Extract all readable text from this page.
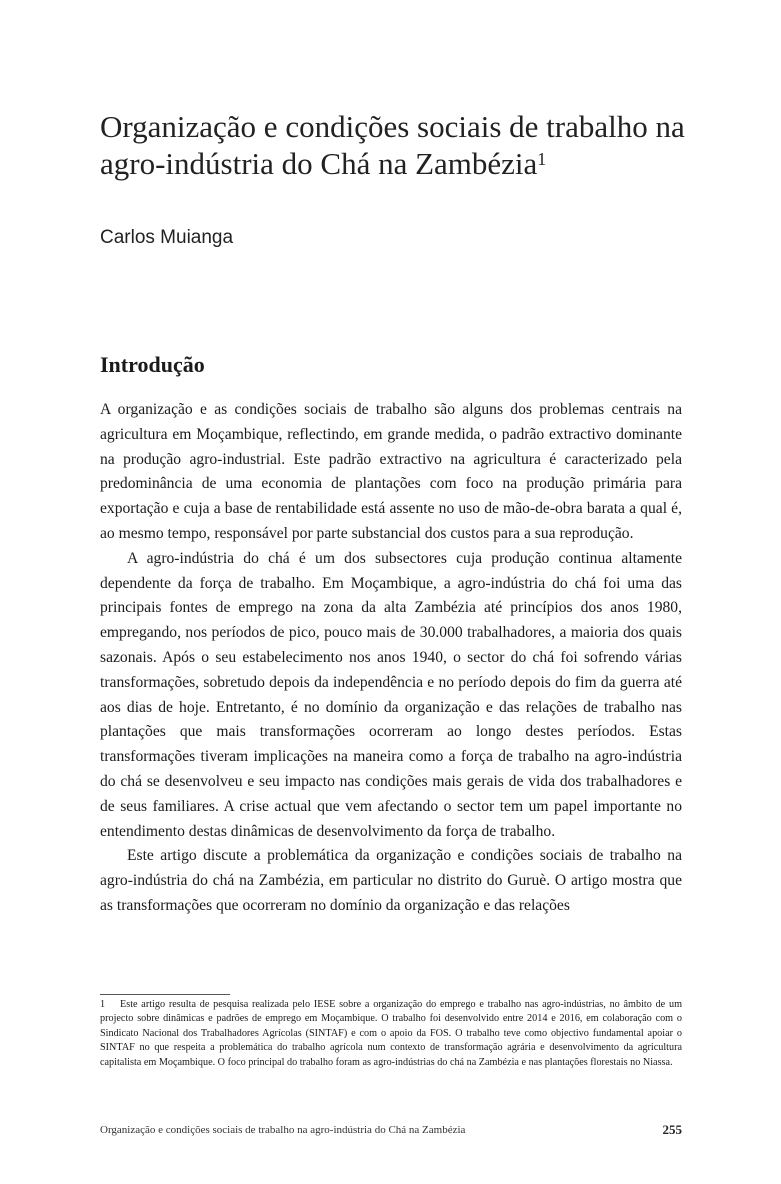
Organização e condições sociais de trabalho na agro-indústria do Chá na Zambézia$^1$

Carlos Muianga

Introdução

A organização e as condições sociais de trabalho são alguns dos problemas centrais na agricultura em Moçambique, reflectindo, em grande medida, o padrão extractivo dominante na produção agro-industrial. Este padrão extractivo na agricultura é caracterizado pela predominância de uma economia de plantações com foco na produção primária para exportação e cuja a base de rentabilidade está assente no uso de mão-de-obra barata a qual é, ao mesmo tempo, responsável por parte substancial dos custos para a sua reprodução.

A agro-indústria do chá é um dos subsectores cuja produção continua altamente dependente da força de trabalho. Em Moçambique, a agro-indústria do chá foi uma das principais fontes de emprego na zona da alta Zambézia até princípios dos anos 1980, empregando, nos períodos de pico, pouco mais de 30.000 trabalhadores, a maioria dos quais sazonais. Após o seu estabelecimento nos anos 1940, o sector do chá foi sofrendo várias transformações, sobretudo depois da independência e no período depois do fim da guerra até aos dias de hoje. Entretanto, é no domínio da organização e das relações de trabalho nas plantações que mais transformações ocorreram ao longo destes períodos. Estas transformações tiveram implicações na maneira como a força de trabalho na agro-indústria do chá se desenvolveu e seu impacto nas condições mais gerais de vida dos trabalhadores e de seus familiares. A crise actual que vem afectando o sector tem um papel importante no entendimento destas dinâmicas de desenvolvimento da força de trabalho.

Este artigo discute a problemática da organização e condições sociais de trabalho na agro-indústria do chá na Zambézia, em particular no distrito do Guruè. O artigo mostra que as transformações que ocorreram no domínio da organização e das relações

1 Este artigo resulta de pesquisa realizada pelo IESE sobre a organização do emprego e trabalho nas agro-indústrias, no âmbito de um projecto sobre dinâmicas e padrões de emprego em Moçambique. O trabalho foi desenvolvido entre 2014 e 2016, em colaboração com o Sindicato Nacional dos Trabalhadores Agrícolas (SINTAF) e com o apoio da FOS. O trabalho teve como objectivo fundamental apoiar o SINTAF no que respeita a problemática do trabalho agrícola num contexto de transformação agrária e desenvolvimento da agricultura capitalista em Moçambique. O foco principal do trabalho foram as agro-indústrias do chá na Zambézia e nas plantações florestais no Niassa.

Organização e condições sociais de trabalho na agro-indústria do Chá na Zambézia	255
